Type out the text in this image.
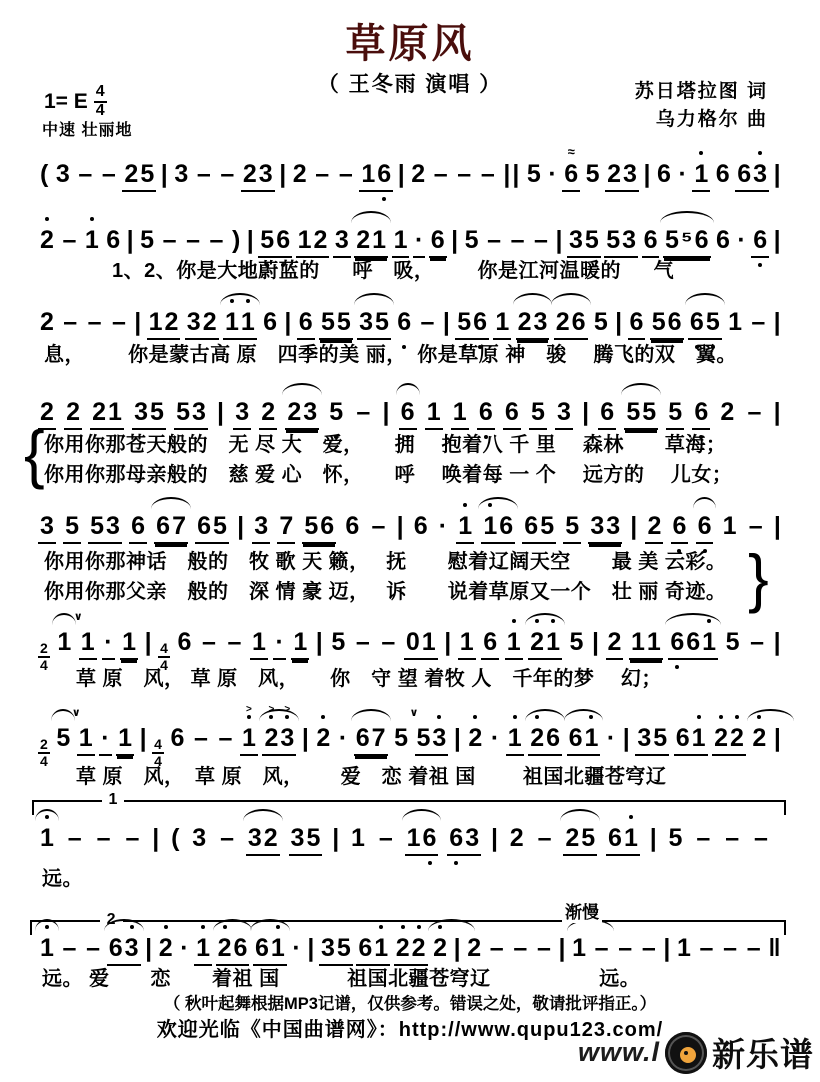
草原风
（ 王冬雨 演唱 ）	苏日塔拉图 词
乌力格尔 曲
1= E $\frac{4}{4}$
中速 壮丽地
( 3 – – 25 | 3 – – 23 | 2 – – 16 | 2 – – – || 5 · 6
≈
5 23 | 6 · 1 6 63 |
2 – 1 6 | 5 – – – ) | 5
6 12 3 21 1 · 6 | 5 – – – | 35 53 6 5⁵6 6 · 6 |
1、2、你是大地蔚蓝的　  呼　吸，　　  你是江河温暖的　  气
2 – – – | 12 32 1
1 6 | 6 55 35 6 – | 5
6 1 23 26 5 | 6 56 6
5 1 – |
息，　　  你是蒙古高 原　四季的美 丽，　你是草原 神　骏　 腾飞的双　翼。
2 2 21 35 53 | 3 2 23 5 – | 6 1 1 6 6 5 3 | 6 55 5 6 2 – |
{ 你用你那苍天般的　无 尽 大　爱，　　拥　 抱着八 千 里　 森林　　草海；
你用你那母亲般的　慈 爱 心　怀，　　呼　 唤着每 一 个　 远方的　 儿女；
3 5 53 6 67 65 | 3 7 56 6 – | 6 · 1 1
6 65 5 33 | 2 6 6 1 – |
你用你那神话　般的　牧 歌 天 籁，　 抚　　慰着辽阔天空　　最 美 云彩。
你用你那父亲　般的　深 情 豪 迈，　 诉　　说着草原又一个　壮 丽 奇迹。 }
$\frac{2}{4} 1$
∨
1 · 1 | $\frac{4}{4} 6$ – – 1 · 1 | 5 – – 01 | 1 6 1 2
1 5 | 2 11 6
61 5 – |
草 原　风， 草 原　风，　　你　守 望 着牧 人　千年的梦　 幻；
$\frac{2}{4} 5$
∨
1 · 1 | $\frac{4}{4} 6$ – – 1
>
2
>
3
>
| 2 · 67 5
∨
53 | 2 · 1 2
6 61 · | 35 61 2
2 2 |
草 原　风，　草 原　风，　　 爱　恋 着祖 国　　 祖国北疆苍穹辽
1
1 – – – | ( 3 – 32 35 | 1 – 16 6
3 | 2 – 25 61 | 5 – – –
远。
2	渐慢
1 – – 63 | 2 · 1 2
6 61 · | 35 61 2
2 2 | 2 – – – | 1 – – – | 1 – – – ‖
远。 爱　　恋　　着祖 国　　　 祖国北疆苍穹辽　　　　　 远。
（ 秋叶起舞根据MP3记谱，仅供参考。错误之处，敬请批评指正。）
欢迎光临《中国曲谱网》：http://www.qupu123.com/
www.l 新乐谱
